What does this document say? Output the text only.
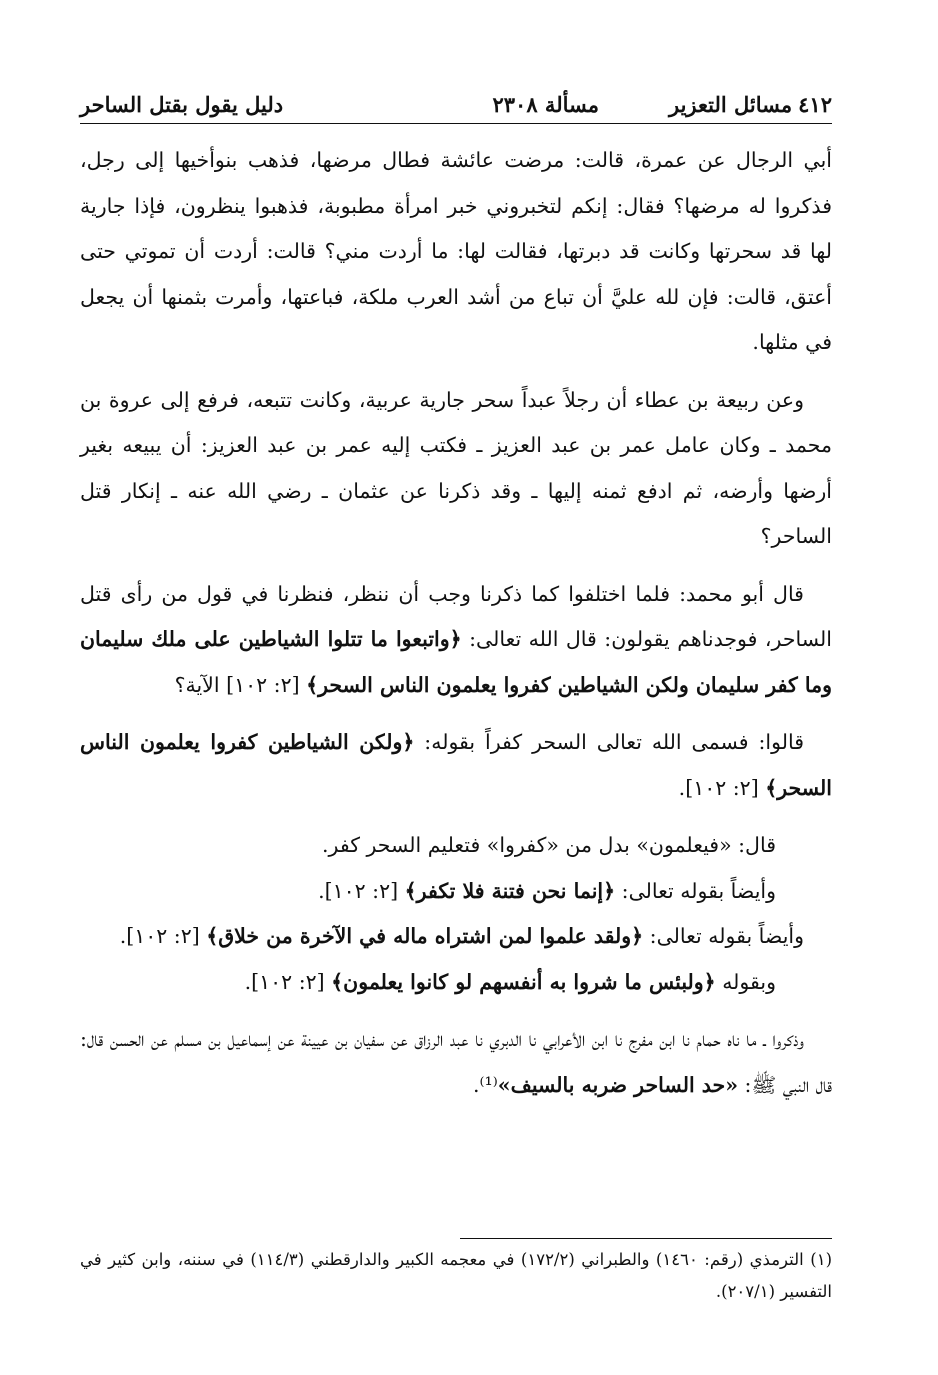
٤١٢
مسائل التعزير
مسألة ٢٣٠٨
دليل يقول بقتل الساحر

أبي الرجال عن عمرة، قالت: مرضت عائشة فطال مرضها، فذهب بنوأخيها إلى رجل، فذكروا له مرضها؟ فقال: إنكم لتخبروني خبر امرأة مطبوبة، فذهبوا ينظرون، فإذا جارية لها قد سحرتها وكانت قد دبرتها، فقالت لها: ما أردت مني؟ قالت: أردت أن تموتي حتى أعتق، قالت: فإن لله عليَّ أن تباع من أشد العرب ملكة، فباعتها، وأمرت بثمنها أن يجعل في مثلها.

وعن ربيعة بن عطاء أن رجلاً عبداً سحر جارية عربية، وكانت تتبعه، فرفع إلى عروة بن محمد ـ وكان عامل عمر بن عبد العزيز ـ فكتب إليه عمر بن عبد العزيز: أن يبيعه بغير أرضها وأرضه، ثم ادفع ثمنه إليها ـ وقد ذكرنا عن عثمان ـ رضي الله عنه ـ إنكار قتل الساحر؟

قال أبو محمد: فلما اختلفوا كما ذكرنا وجب أن ننظر، فنظرنا في قول من رأى قتل الساحر، فوجدناهم يقولون: قال الله تعالى: ﴿واتبعوا ما تتلوا الشياطين على ملك سليمان وما كفر سليمان ولكن الشياطين كفروا يعلمون الناس السحر﴾ [٢: ١٠٢] الآية؟

قالوا: فسمى الله تعالى السحر كفراً بقوله: ﴿ولكن الشياطين كفروا يعلمون الناس السحر﴾ [٢: ١٠٢].

قال: «فيعلمون» بدل من «كفروا» فتعليم السحر كفر.

وأيضاً بقوله تعالى: ﴿إنما نحن فتنة فلا تكفر﴾ [٢: ١٠٢].

وأيضاً بقوله تعالى: ﴿ولقد علموا لمن اشتراه ماله في الآخرة من خلاق﴾ [٢: ١٠٢].

وبقوله ﴿ولبئس ما شروا به أنفسهم لو كانوا يعلمون﴾ [٢: ١٠٢].

وذكروا ـ ما ناه حمام نا ابن مفرج نا ابن الأعرابي نا الدبري نا عبد الرزاق عن سفيان بن عيينة عن إسماعيل بن مسلم عن الحسن قال: قال النبي ﷺ: «حد الساحر ضربه بالسيف»⁽¹⁾.

(١) الترمذي (رقم: ١٤٦٠) والطبراني (١٧٢/٢) في معجمه الكبير والدارقطني (١١٤/٣) في سننه، وابن كثير في التفسير (٢٠٧/١).
